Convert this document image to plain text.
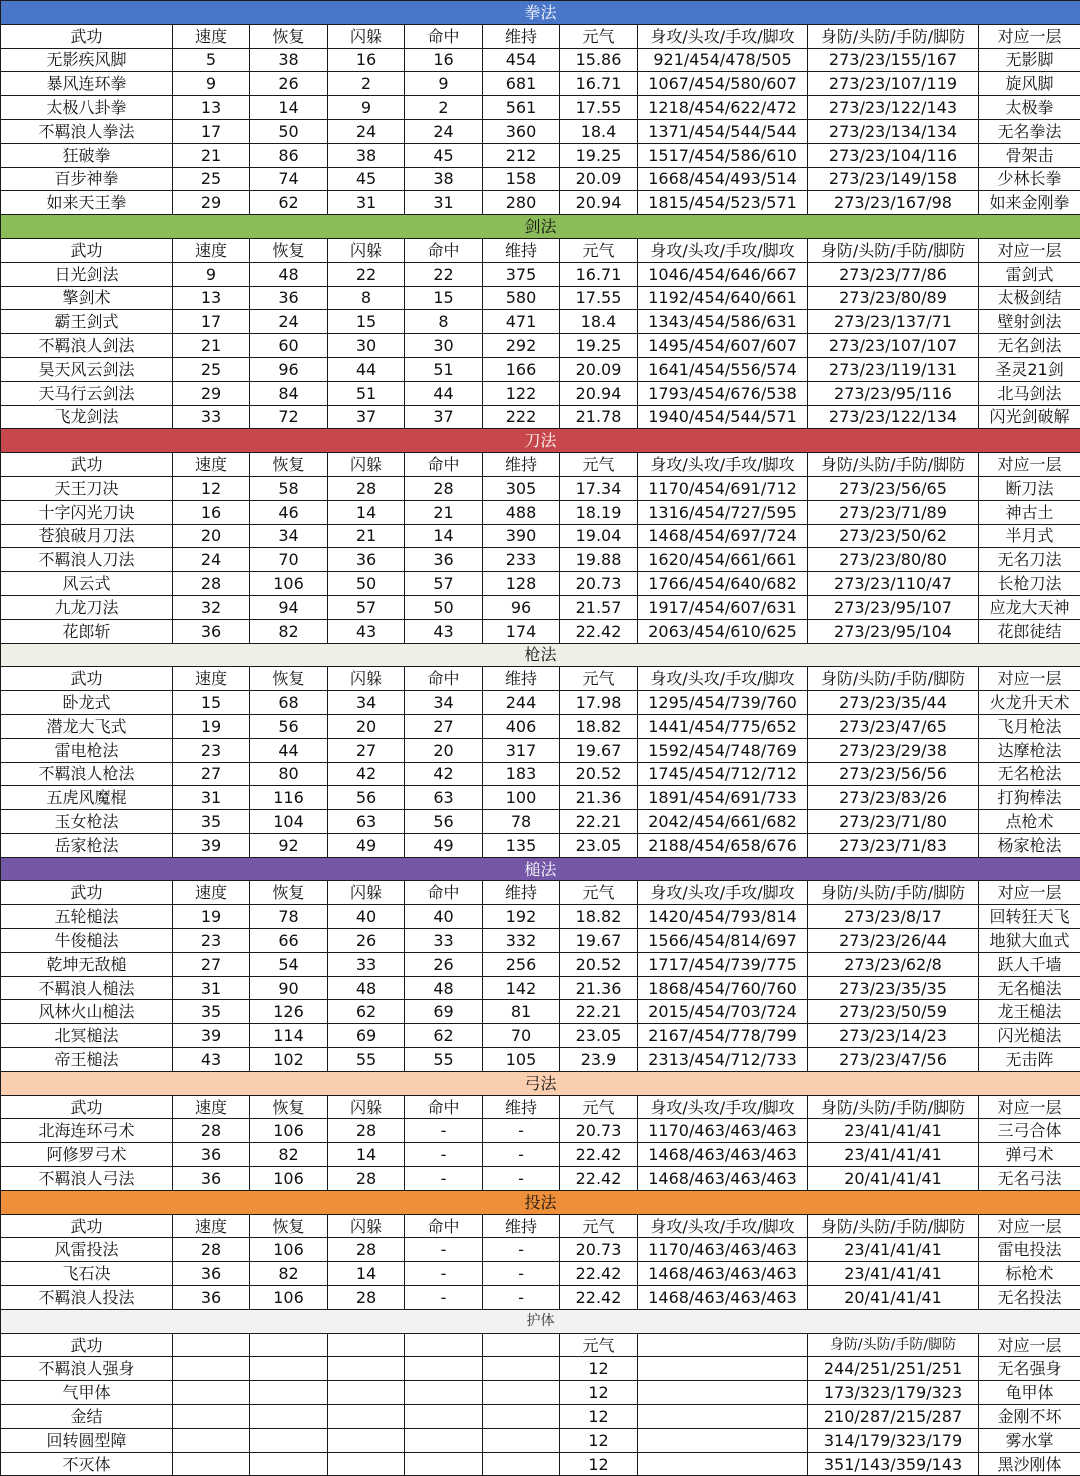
拳法									
武功	速度	恢复	闪躲	命中	维持	元气	身攻/头攻/手攻/脚攻	身防/头防/手防/脚防	对应一层
无影疾风脚	5	38	16	16	454	15.86	921/454/478/505	273/23/155/167	无影脚
暴风连环拳	9	26	2	9	681	16.71	1067/454/580/607	273/23/107/119	旋风脚
太极八卦拳	13	14	9	2	561	17.55	1218/454/622/472	273/23/122/143	太极拳
不羁浪人拳法	17	50	24	24	360	18.4	1371/454/544/544	273/23/134/134	无名拳法
狂破拳	21	86	38	45	212	19.25	1517/454/586/610	273/23/104/116	骨架击
百步神拳	25	74	45	38	158	20.09	1668/454/493/514	273/23/149/158	少林长拳
如来天王拳	29	62	31	31	280	20.94	1815/454/523/571	273/23/167/98	如来金刚拳
剑法									
武功	速度	恢复	闪躲	命中	维持	元气	身攻/头攻/手攻/脚攻	身防/头防/手防/脚防	对应一层
日光剑法	9	48	22	22	375	16.71	1046/454/646/667	273/23/77/86	雷剑式
擎剑术	13	36	8	15	580	17.55	1192/454/640/661	273/23/80/89	太极剑结
霸王剑式	17	24	15	8	471	18.4	1343/454/586/631	273/23/137/71	壁射剑法
不羁浪人剑法	21	60	30	30	292	19.25	1495/454/607/607	273/23/107/107	无名剑法
昊天风云剑法	25	96	44	51	166	20.09	1641/454/556/574	273/23/119/131	圣灵21剑
天马行云剑法	29	84	51	44	122	20.94	1793/454/676/538	273/23/95/116	北马剑法
飞龙剑法	33	72	37	37	222	21.78	1940/454/544/571	273/23/122/134	闪光剑破解
刀法									
武功	速度	恢复	闪躲	命中	维持	元气	身攻/头攻/手攻/脚攻	身防/头防/手防/脚防	对应一层
天王刀决	12	58	28	28	305	17.34	1170/454/691/712	273/23/56/65	断刀法
十字闪光刀诀	16	46	14	21	488	18.19	1316/454/727/595	273/23/71/89	神古土
苍狼破月刀法	20	34	21	14	390	19.04	1468/454/697/724	273/23/50/62	半月式
不羁浪人刀法	24	70	36	36	233	19.88	1620/454/661/661	273/23/80/80	无名刀法
风云式	28	106	50	57	128	20.73	1766/454/640/682	273/23/110/47	长枪刀法
九龙刀法	32	94	57	50	96	21.57	1917/454/607/631	273/23/95/107	应龙大天神
花郎斩	36	82	43	43	174	22.42	2063/454/610/625	273/23/95/104	花郎徒结
枪法									
武功	速度	恢复	闪躲	命中	维持	元气	身攻/头攻/手攻/脚攻	身防/头防/手防/脚防	对应一层
卧龙式	15	68	34	34	244	17.98	1295/454/739/760	273/23/35/44	火龙升天术
潜龙大飞式	19	56	20	27	406	18.82	1441/454/775/652	273/23/47/65	飞月枪法
雷电枪法	23	44	27	20	317	19.67	1592/454/748/769	273/23/29/38	达摩枪法
不羁浪人枪法	27	80	42	42	183	20.52	1745/454/712/712	273/23/56/56	无名枪法
五虎风魔棍	31	116	56	63	100	21.36	1891/454/691/733	273/23/83/26	打狗棒法
玉女枪法	35	104	63	56	78	22.21	2042/454/661/682	273/23/71/80	点枪术
岳家枪法	39	92	49	49	135	23.05	2188/454/658/676	273/23/71/83	杨家枪法
槌法									
武功	速度	恢复	闪躲	命中	维持	元气	身攻/头攻/手攻/脚攻	身防/头防/手防/脚防	对应一层
五轮槌法	19	78	40	40	192	18.82	1420/454/793/814	273/23/8/17	回转狂天飞
牛俊槌法	23	66	26	33	332	19.67	1566/454/814/697	273/23/26/44	地狱大血式
乾坤无敌槌	27	54	33	26	256	20.52	1717/454/739/775	273/23/62/8	跃人千墙
不羁浪人槌法	31	90	48	48	142	21.36	1868/454/760/760	273/23/35/35	无名槌法
风林火山槌法	35	126	62	69	81	22.21	2015/454/703/724	273/23/50/59	龙王槌法
北冥槌法	39	114	69	62	70	23.05	2167/454/778/799	273/23/14/23	闪光槌法
帝王槌法	43	102	55	55	105	23.9	2313/454/712/733	273/23/47/56	无击阵
弓法									
武功	速度	恢复	闪躲	命中	维持	元气	身攻/头攻/手攻/脚攻	身防/头防/手防/脚防	对应一层
北海连环弓术	28	106	28	-	-	20.73	1170/463/463/463	23/41/41/41	三弓合体
阿修罗弓术	36	82	14	-	-	22.42	1468/463/463/463	23/41/41/41	弹弓术
不羁浪人弓法	36	106	28	-	-	22.42	1468/463/463/463	20/41/41/41	无名弓法
投法									
武功	速度	恢复	闪躲	命中	维持	元气	身攻/头攻/手攻/脚攻	身防/头防/手防/脚防	对应一层
风雷投法	28	106	28	-	-	20.73	1170/463/463/463	23/41/41/41	雷电投法
飞石决	36	82	14	-	-	22.42	1468/463/463/463	23/41/41/41	标枪术
不羁浪人投法	36	106	28	-	-	22.42	1468/463/463/463	20/41/41/41	无名投法
护体									
武功						元气		身防/头防/手防/脚防	对应一层
不羁浪人强身						12		244/251/251/251	无名强身
气甲体						12		173/323/179/323	龟甲体
金结						12		210/287/215/287	金刚不坏
回转圆型障						12		314/179/323/179	雾水掌
不灭体						12		351/143/359/143	黑沙刚体
